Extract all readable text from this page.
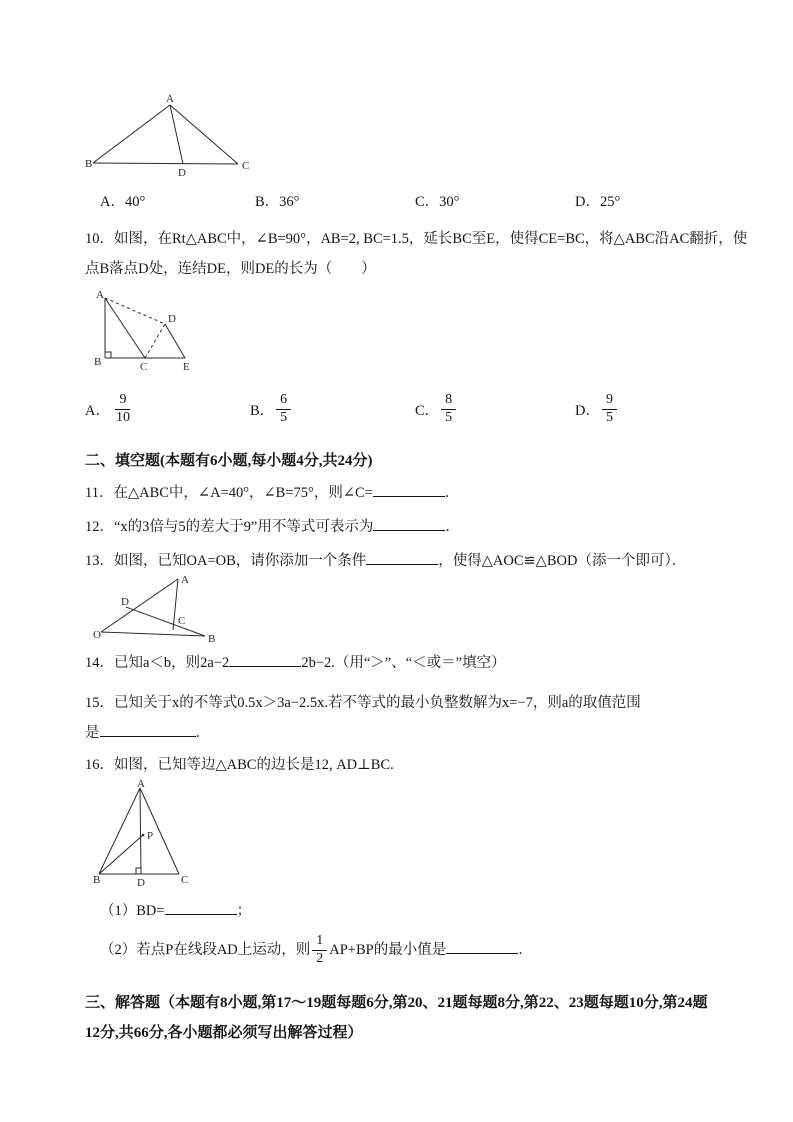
A
B	C
D
A．40°	B．36°	C．30°	D．25°
10．如图，在Rt△ABC中，∠B=90°，AB=2, BC=1.5，延长BC至E，使得CE=BC，将△ABC沿AC翻折，使
点B落点D处，连结DE，则DE的长为（　　）
A
B	C
D
E
A． $\frac{9}{10}$	B． $\frac{6}{5}$	C． $\frac{8}{5}$	D． $\frac{9}{5}$
二、填空题(本题有6小题,每小题4分,共24分)
11．在△ABC中，∠A=40°，∠B=75°，则∠C=	．
12．“x的3倍与5的差大于9”用不等式可表示为	．
13．如图，已知OA=OB，请你添加一个条件	，使得△AOC≌△BOD（添一个即可）．
O
D
A
C
B
14．已知a＜b，则2a−2	2b−2.（用“＞”、“＜或＝”填空）
15．已知关于x的不等式0.5x＞3a−2.5x.若不等式的最小负整数解为x=−7，则a的取值范围
是	．
16．如图，已知等边△ABC的边长是12, AD⊥BC.
A
B	C
D
P
（1）BD=	；
（2）若点P在线段AD上运动，则 $\frac{1}{2} AP+BP$的最小值是	．
三、解答题（本题有8小题,第17～19题每题6分,第20、21题每题8分,第22、23题每题10分,第24题
12分,共66分,各小题都必须写出解答过程）
